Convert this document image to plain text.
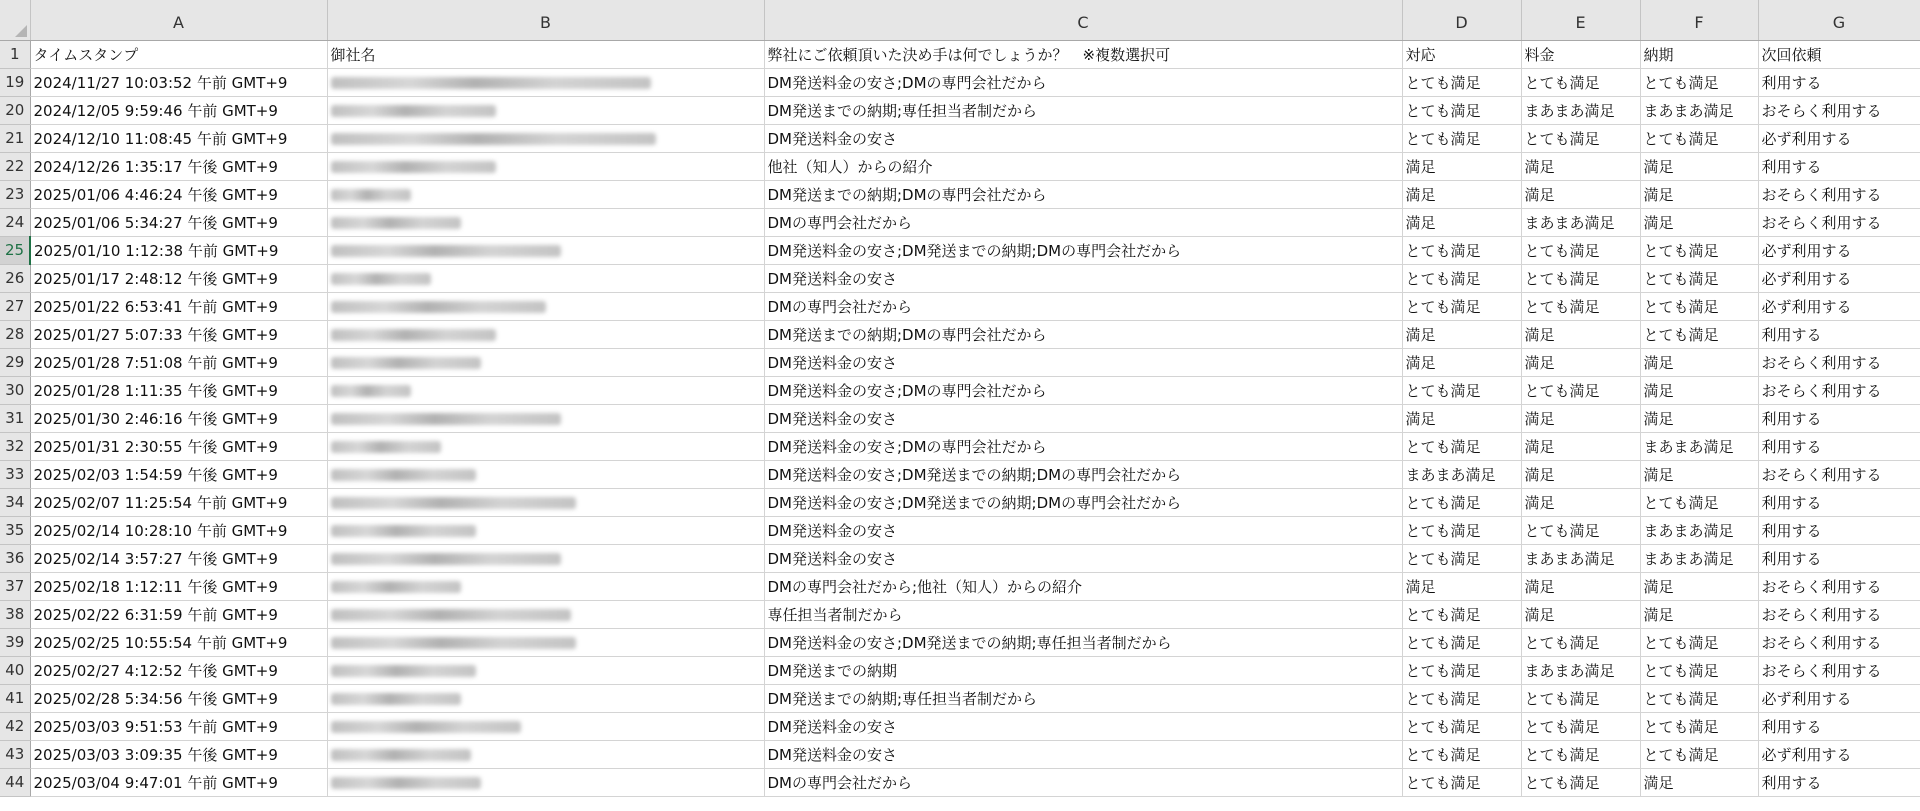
	A	B	C	D	E	F	G
1	タイムスタンプ	御社名	弊社にご依頼頂いた決め手は何でしょうか？　※複数選択可	対応	料金	納期	次回依頼
19	2024/11/27 10:03:52 午前 GMT+9		DM発送料金の安さ;DMの専門会社だから	とても満足	とても満足	とても満足	利用する
20	2024/12/05 9:59:46 午前 GMT+9		DM発送までの納期;専任担当者制だから	とても満足	まあまあ満足	まあまあ満足	おそらく利用する
21	2024/12/10 11:08:45 午前 GMT+9		DM発送料金の安さ	とても満足	とても満足	とても満足	必ず利用する
22	2024/12/26 1:35:17 午後 GMT+9		他社（知人）からの紹介	満足	満足	満足	利用する
23	2025/01/06 4:46:24 午後 GMT+9		DM発送までの納期;DMの専門会社だから	満足	満足	満足	おそらく利用する
24	2025/01/06 5:34:27 午後 GMT+9		DMの専門会社だから	満足	まあまあ満足	満足	おそらく利用する
25	2025/01/10 1:12:38 午前 GMT+9		DM発送料金の安さ;DM発送までの納期;DMの専門会社だから	とても満足	とても満足	とても満足	必ず利用する
26	2025/01/17 2:48:12 午後 GMT+9		DM発送料金の安さ	とても満足	とても満足	とても満足	必ず利用する
27	2025/01/22 6:53:41 午前 GMT+9		DMの専門会社だから	とても満足	とても満足	とても満足	必ず利用する
28	2025/01/27 5:07:33 午後 GMT+9		DM発送までの納期;DMの専門会社だから	満足	満足	とても満足	利用する
29	2025/01/28 7:51:08 午前 GMT+9		DM発送料金の安さ	満足	満足	満足	おそらく利用する
30	2025/01/28 1:11:35 午後 GMT+9		DM発送料金の安さ;DMの専門会社だから	とても満足	とても満足	満足	おそらく利用する
31	2025/01/30 2:46:16 午後 GMT+9		DM発送料金の安さ	満足	満足	満足	利用する
32	2025/01/31 2:30:55 午後 GMT+9		DM発送料金の安さ;DMの専門会社だから	とても満足	満足	まあまあ満足	利用する
33	2025/02/03 1:54:59 午後 GMT+9		DM発送料金の安さ;DM発送までの納期;DMの専門会社だから	まあまあ満足	満足	満足	おそらく利用する
34	2025/02/07 11:25:54 午前 GMT+9		DM発送料金の安さ;DM発送までの納期;DMの専門会社だから	とても満足	満足	とても満足	利用する
35	2025/02/14 10:28:10 午前 GMT+9		DM発送料金の安さ	とても満足	とても満足	まあまあ満足	利用する
36	2025/02/14 3:57:27 午後 GMT+9		DM発送料金の安さ	とても満足	まあまあ満足	まあまあ満足	利用する
37	2025/02/18 1:12:11 午後 GMT+9		DMの専門会社だから;他社（知人）からの紹介	満足	満足	満足	おそらく利用する
38	2025/02/22 6:31:59 午前 GMT+9		専任担当者制だから	とても満足	満足	満足	おそらく利用する
39	2025/02/25 10:55:54 午前 GMT+9		DM発送料金の安さ;DM発送までの納期;専任担当者制だから	とても満足	とても満足	とても満足	おそらく利用する
40	2025/02/27 4:12:52 午後 GMT+9		DM発送までの納期	とても満足	まあまあ満足	とても満足	おそらく利用する
41	2025/02/28 5:34:56 午後 GMT+9		DM発送までの納期;専任担当者制だから	とても満足	とても満足	とても満足	必ず利用する
42	2025/03/03 9:51:53 午前 GMT+9		DM発送料金の安さ	とても満足	とても満足	とても満足	利用する
43	2025/03/03 3:09:35 午後 GMT+9		DM発送料金の安さ	とても満足	とても満足	とても満足	必ず利用する
44	2025/03/04 9:47:01 午前 GMT+9		DMの専門会社だから	とても満足	とても満足	満足	利用する
